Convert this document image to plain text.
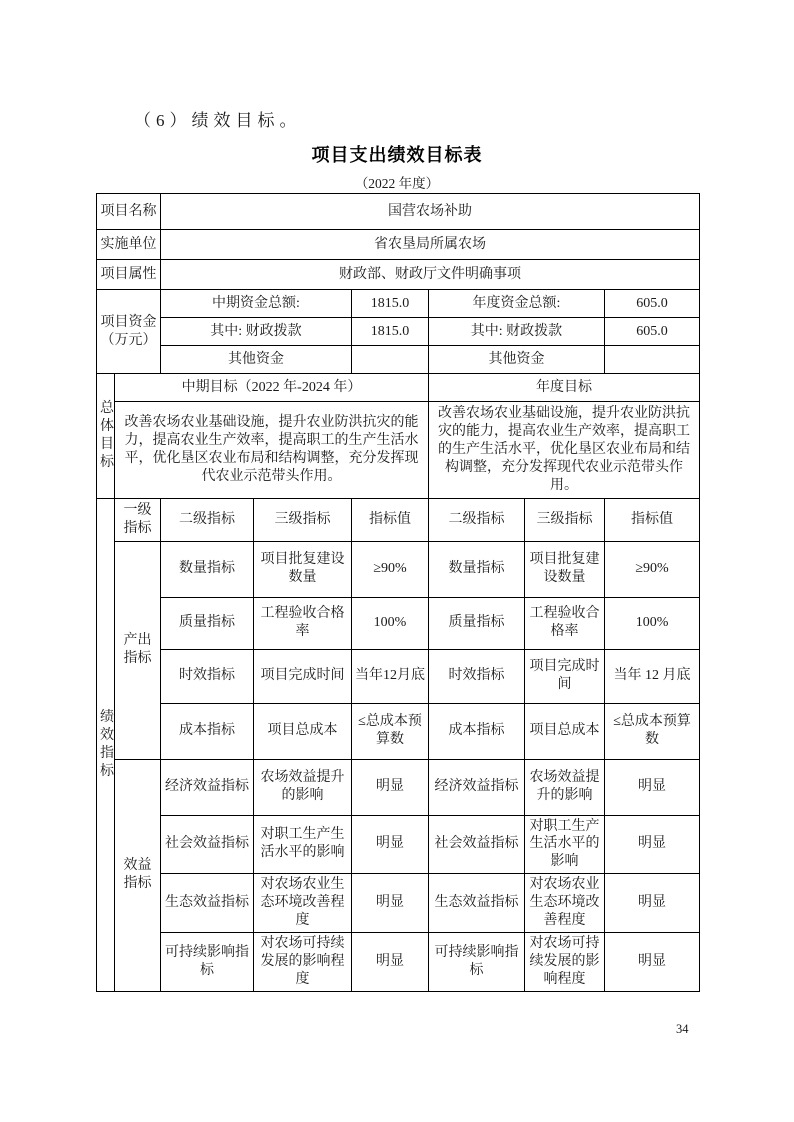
（6）绩效目标。
项目支出绩效目标表
（2022 年度）
项目名称		国营农场补助					
实施单位		省农垦局所属农场					
项目属性		财政部、财政厅文件明确事项					
项目资金（万元）		中期资金总额:		1815.0	年度资金总额:		605.0
		其中: 财政拨款		1815.0	其中: 财政拨款		605.0
		其他资金			其他资金		
总体目标	中期目标（2022 年-2024 年）				年度目标		
	改善农场农业基础设施，提升农业防洪抗灾的能力，提高农业生产效率，提高职工的生产生活水平，优化垦区农业布局和结构调整，充分发挥现代农业示范带头作用。				改善农场农业基础设施，提升农业防洪抗灾的能力，提高农业生产效率，提高职工的生产生活水平，优化垦区农业布局和结构调整，充分发挥现代农业示范带头作用。		
绩效指标	一级指标	二级指标	三级指标	指标值	二级指标	三级指标	指标值
	产出指标	数量指标	项目批复建设数量	≥90%	数量指标	项目批复建设数量	≥90%
		质量指标	工程验收合格率	100%	质量指标	工程验收合格率	100%
		时效指标	项目完成时间	当年12月底	时效指标	项目完成时间	当年 12 月底
		成本指标	项目总成本	≤总成本预算数	成本指标	项目总成本	≤总成本预算数
	效益指标	经济效益指标	农场效益提升的影响	明显	经济效益指标	农场效益提升的影响	明显
		社会效益指标	对职工生产生活水平的影响	明显	社会效益指标	对职工生产生活水平的影响	明显
		生态效益指标	对农场农业生态环境改善程度	明显	生态效益指标	对农场农业生态环境改善程度	明显
		可持续影响指标	对农场可持续发展的影响程度	明显	可持续影响指标	对农场可持续发展的影响程度	明显
34
